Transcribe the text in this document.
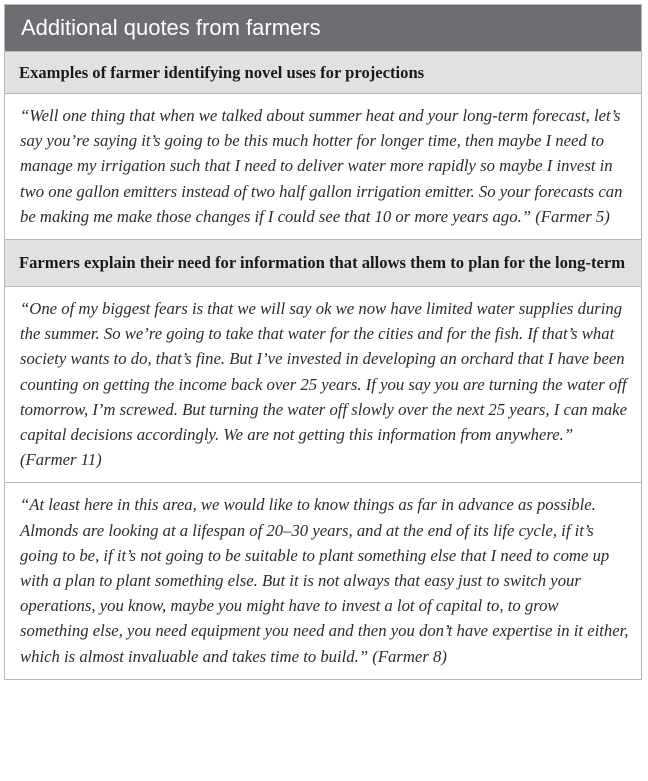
Additional quotes from farmers
Examples of farmer identifying novel uses for projections
“Well one thing that when we talked about summer heat and your long-term forecast, let’s say you’re saying it’s going to be this much hotter for longer time, then maybe I need to manage my irrigation such that I need to deliver water more rapidly so maybe I invest in two one gallon emitters instead of two half gallon irrigation emitter. So your forecasts can be making me make those changes if I could see that 10 or more years ago.” (Farmer 5)
Farmers explain their need for information that allows them to plan for the long-term
“One of my biggest fears is that we will say ok we now have limited water supplies during the summer. So we’re going to take that water for the cities and for the fish. If that’s what society wants to do, that’s fine. But I’ve invested in developing an orchard that I have been counting on getting the income back over 25 years. If you say you are turning the water off tomorrow, I’m screwed. But turning the water off slowly over the next 25 years, I can make capital decisions accordingly. We are not getting this information from anywhere.” (Farmer 11)
“At least here in this area, we would like to know things as far in advance as possible. Almonds are looking at a lifespan of 20–30 years, and at the end of its life cycle, if it’s going to be, if it’s not going to be suitable to plant something else that I need to come up with a plan to plant something else. But it is not always that easy just to switch your operations, you know, maybe you might have to invest a lot of capital to, to grow something else, you need equipment you need and then you don’t have expertise in it either, which is almost invaluable and takes time to build.” (Farmer 8)
